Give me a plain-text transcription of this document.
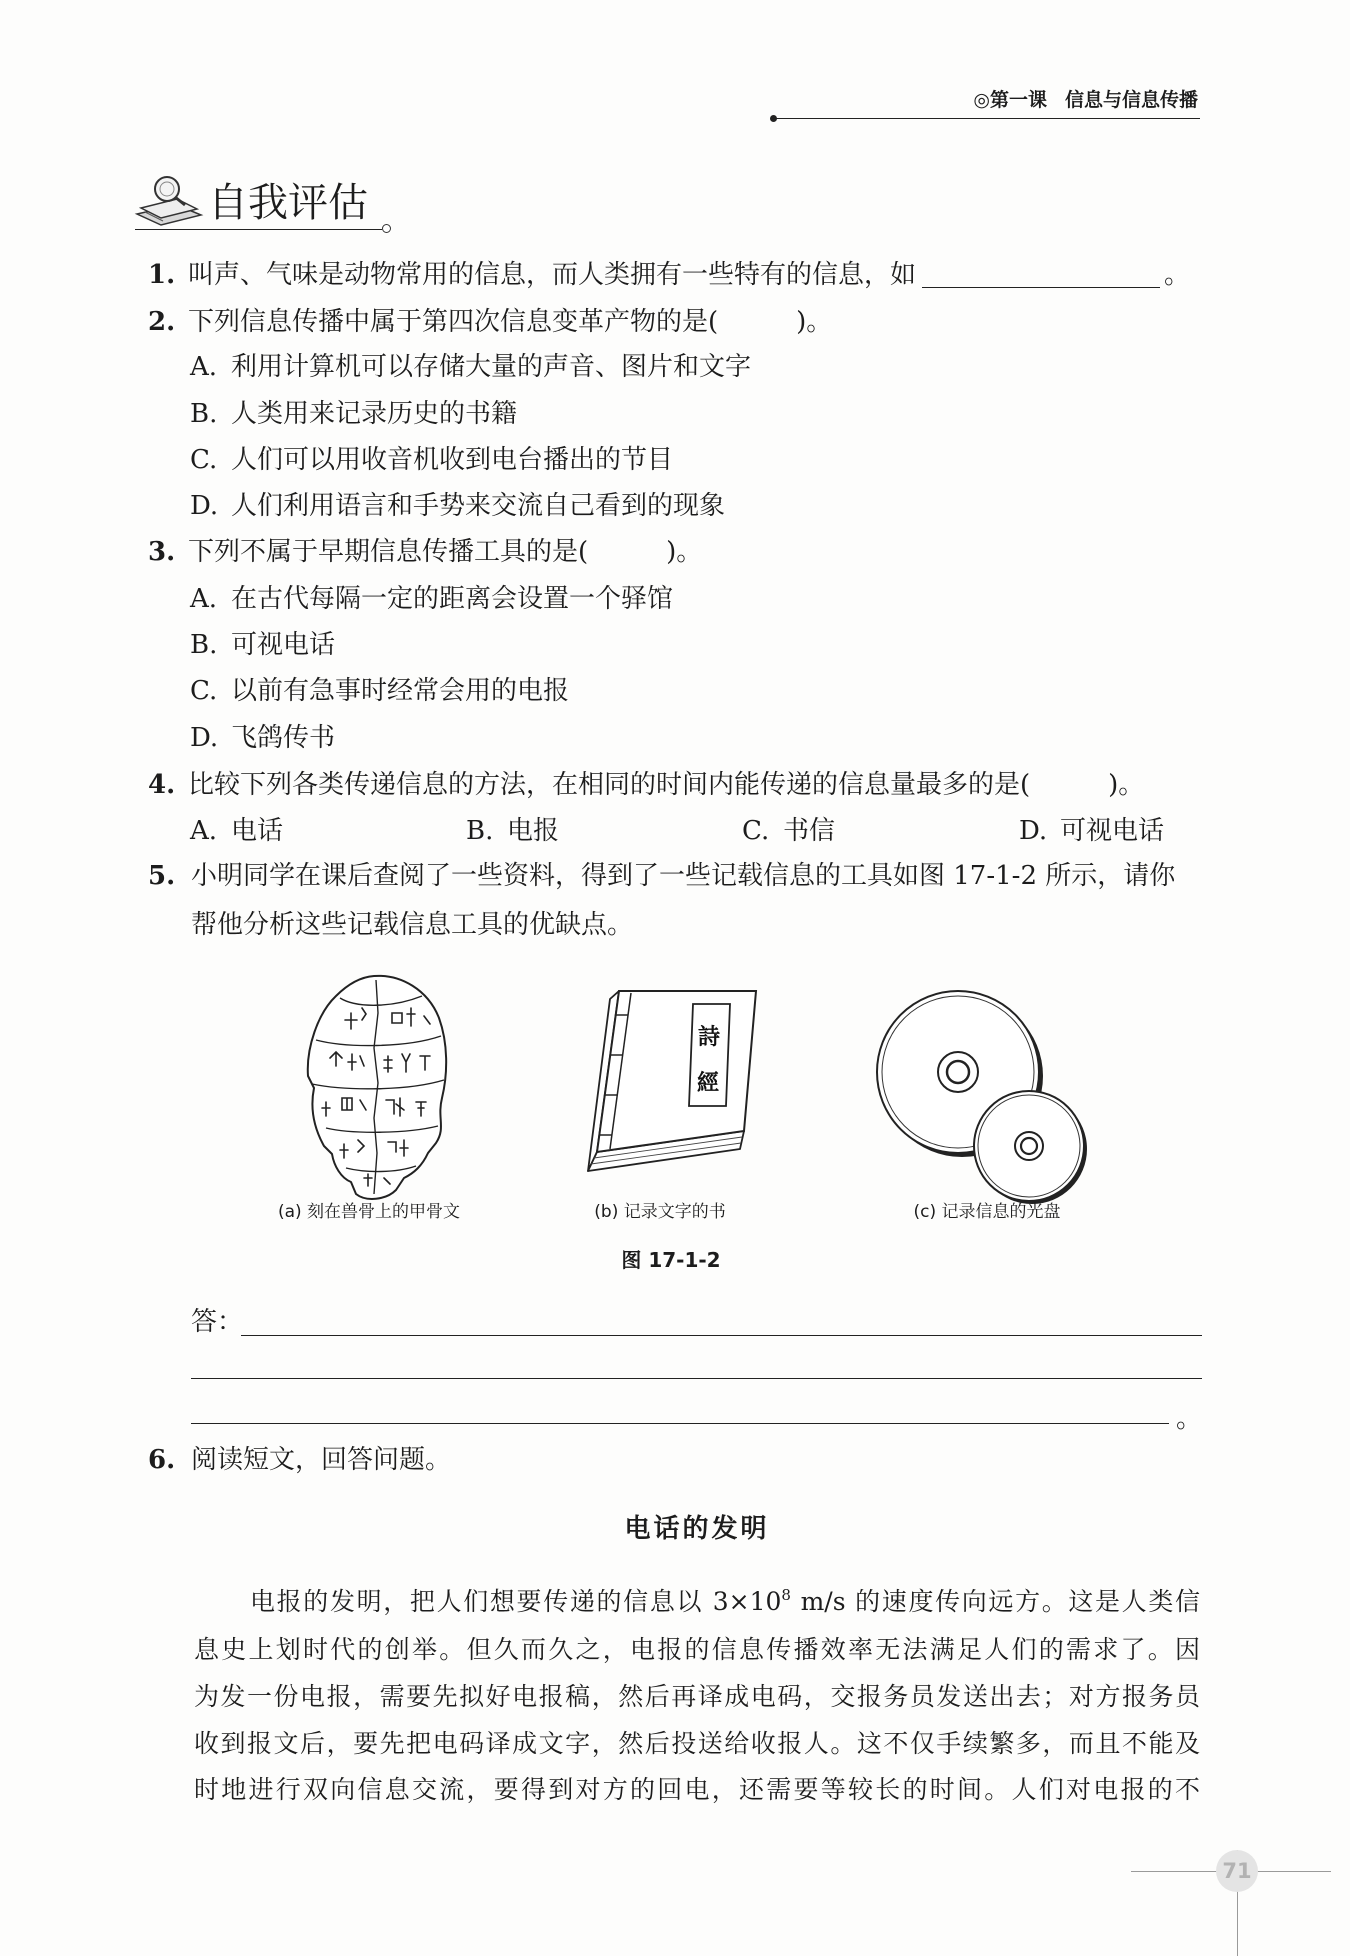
◎第一课 信息与信息传播
自我评估
1. 叫声、气味是动物常用的信息，而人类拥有一些特有的信息，如	。
2. 下列信息传播中属于第四次信息变革产物的是(　　　)。
A. 利用计算机可以存储大量的声音、图片和文字
B. 人类用来记录历史的书籍
C. 人们可以用收音机收到电台播出的节目
D. 人们利用语言和手势来交流自己看到的现象
3. 下列不属于早期信息传播工具的是(　　　)。
A. 在古代每隔一定的距离会设置一个驿馆
B. 可视电话
C. 以前有急事时经常会用的电报
D. 飞鸽传书
4. 比较下列各类传递信息的方法，在相同的时间内能传递的信息量最多的是(　　　)。
A. 电话	B. 电报	C. 书信	D. 可视电话
5. 小明同学在课后查阅了一些资料，得到了一些记载信息的工具如图 17-1-2 所示，请你
帮他分析这些记载信息工具的优缺点。
詩
經
(a) 刻在兽骨上的甲骨文	(b) 记录文字的书	(c) 记录信息的光盘
图 17-1-2
答：
。
6. 阅读短文，回答问题。
电话的发明
电报的发明，把人们想要传递的信息以 $3\times 10^8$ m/s 的速度传向远方。这是人类信
息史上划时代的创举。但久而久之，电报的信息传播效率无法满足人们的需求了。因
为发一份电报，需要先拟好电报稿，然后再译成电码，交报务员发送出去；对方报务员
收到报文后，要先把电码译成文字，然后投送给收报人。这不仅手续繁多，而且不能及
时地进行双向信息交流，要得到对方的回电，还需要等较长的时间。人们对电报的不
71
